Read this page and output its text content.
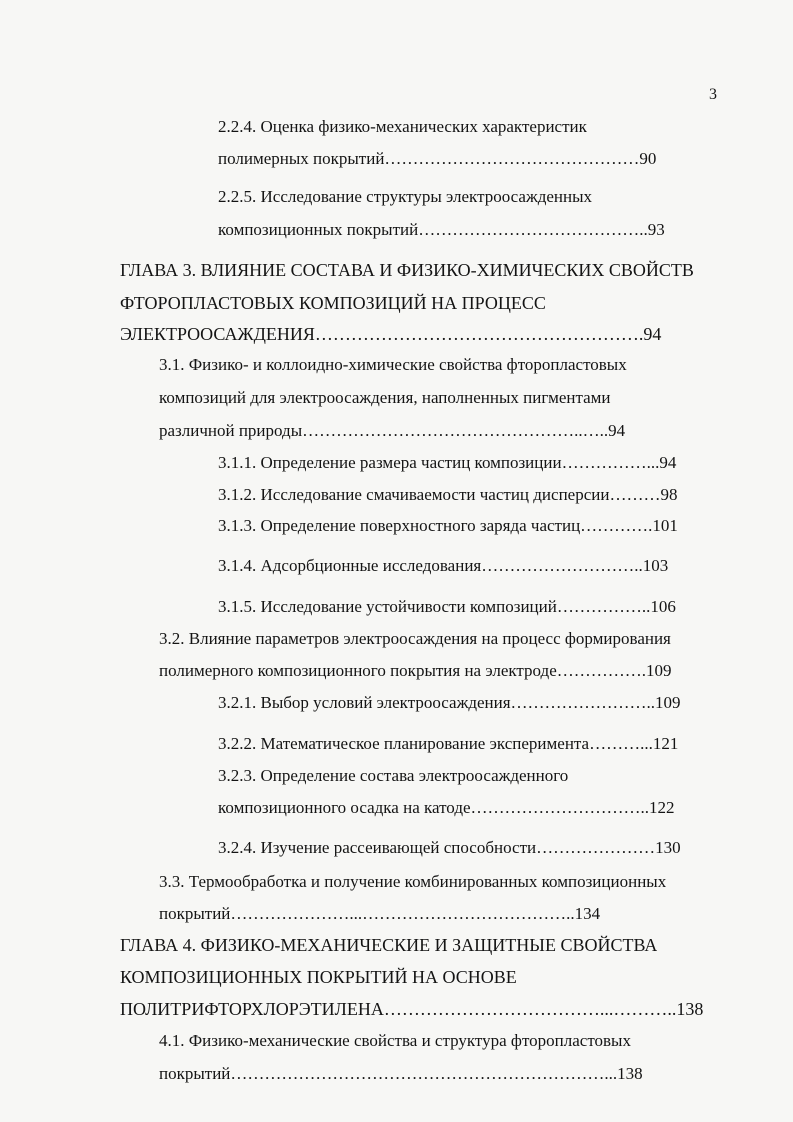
3
2.2.4. Оценка физико-механических характеристик
полимерных покрытий………………………………………90
2.2.5. Исследование структуры электроосажденных
композиционных покрытий…………………………………..93
ГЛАВА 3. ВЛИЯНИЕ СОСТАВА И ФИЗИКО-ХИМИЧЕСКИХ СВОЙСТВ
ФТОРОПЛАСТОВЫХ КОМПОЗИЦИЙ НА ПРОЦЕСС
ЭЛЕКТРООСАЖДЕНИЯ……………………………………………….94
3.1. Физико- и коллоидно-химические свойства фторопластовых
композиций для электроосаждения, наполненных пигментами
различной природы…………………………………………..…..94
3.1.1. Определение размера частиц композиции……………...94
3.1.2. Исследование смачиваемости частиц дисперсии………98
3.1.3. Определение поверхностного заряда частиц………….101
3.1.4. Адсорбционные исследования………………………..103
3.1.5. Исследование устойчивости композиций……………..106
3.2. Влияние параметров электроосаждения на процесс формирования
полимерного композиционного покрытия на электроде…………….109
3.2.1. Выбор условий электроосаждения……………………..109
3.2.2. Математическое планирование эксперимента………...121
3.2.3. Определение состава электроосажденного
композиционного осадка на катоде…………………………..122
3.2.4. Изучение рассеивающей способности…………………130
3.3. Термообработка и получение комбинированных композиционных
покрытий…………………...………………………………..134
ГЛАВА 4. ФИЗИКО-МЕХАНИЧЕСКИЕ И ЗАЩИТНЫЕ СВОЙСТВА
КОМПОЗИЦИОННЫХ ПОКРЫТИЙ НА ОСНОВЕ
ПОЛИТРИФТОРХЛОРЭТИЛЕНА………………………………...………..138
4.1. Физико-механические свойства и структура фторопластовых
покрытий…………………………………………………………...138
